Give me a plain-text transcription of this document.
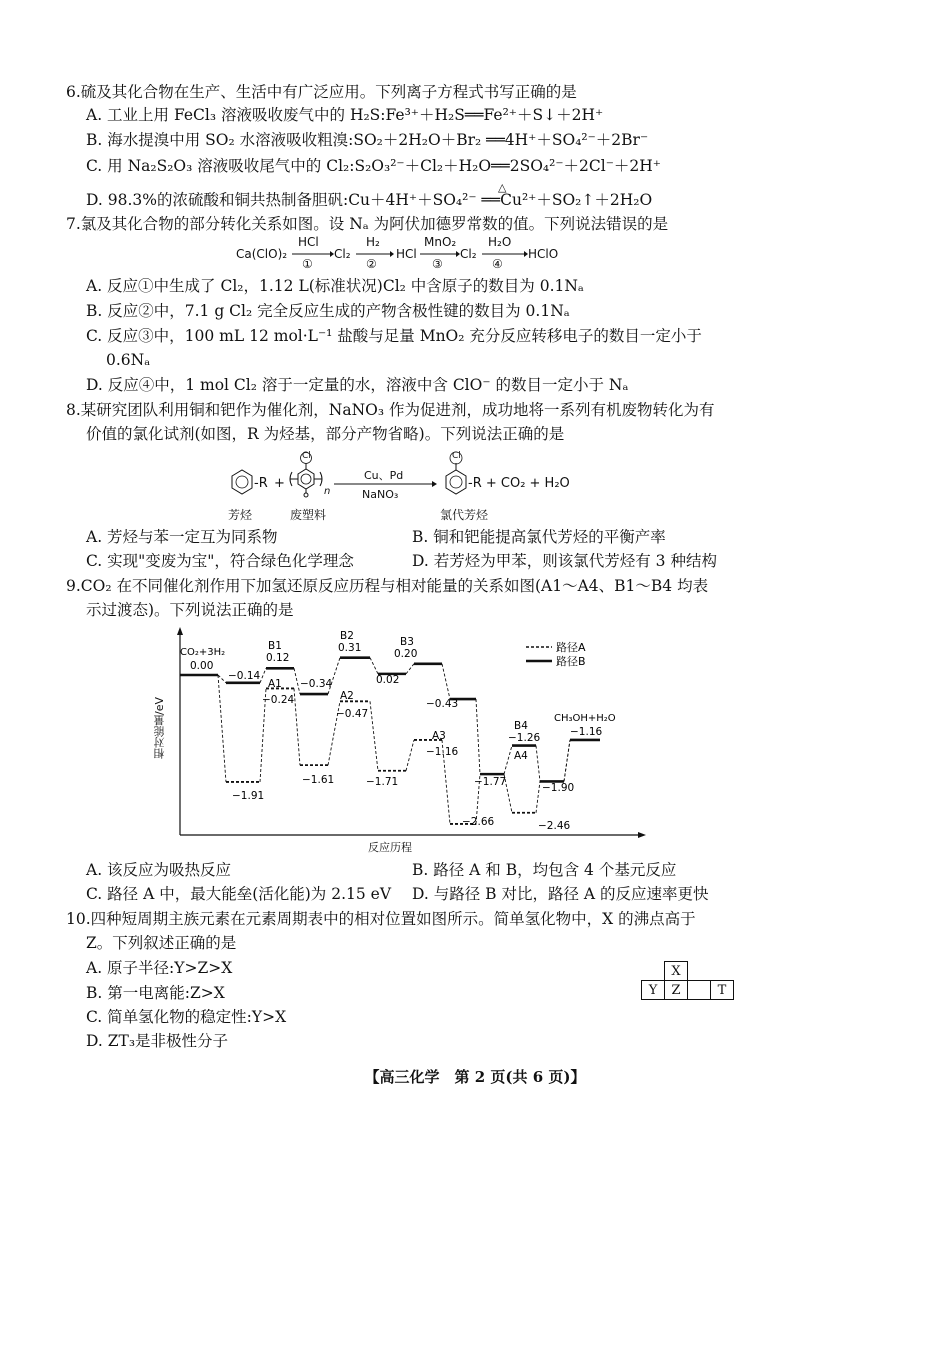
6.硫及其化合物在生产、生活中有广泛应用。下列离子方程式书写正确的是
A. 工业上用 FeCl₃ 溶液吸收废气中的 H₂S:Fe³⁺＋H₂S══Fe²⁺＋S↓＋2H⁺
B. 海水提溴中用 SO₂ 水溶液吸收粗溴:SO₂＋2H₂O＋Br₂ ══4H⁺＋SO₄²⁻＋2Br⁻
C. 用 Na₂S₂O₃ 溶液吸收尾气中的 Cl₂:S₂O₃²⁻＋Cl₂＋H₂O══2SO₄²⁻＋2Cl⁻＋2H⁺
△
D. 98.3%的浓硫酸和铜共热制备胆矾:Cu＋4H⁺＋SO₄²⁻ ══Cu²⁺＋SO₂↑＋2H₂O
7.氯及其化合物的部分转化关系如图。设 Nₐ 为阿伏加德罗常数的值。下列说法错误的是
Ca(ClO)₂
HCl
①
Cl₂
H₂
②
HCl
MnO₂
③
Cl₂
H₂O
④
HClO
A. 反应①中生成了 Cl₂，1.12 L(标准状况)Cl₂ 中含原子的数目为 0.1Nₐ
B. 反应②中，7.1 g Cl₂ 完全反应生成的产物含极性键的数目为 0.1Nₐ
C. 反应③中，100 mL 12 mol·L⁻¹ 盐酸与足量 MnO₂ 充分反应转移电子的数目一定小于
0.6Nₐ
D. 反应④中，1 mol Cl₂ 溶于一定量的水，溶液中含 ClO⁻ 的数目一定小于 Nₐ
8.某研究团队利用铜和钯作为催化剂，NaNO₃ 作为促进剂，成功地将一系列有机废物转化为有
价值的氯化试剂(如图，R 为烃基，部分产物省略)。下列说法正确的是
-R +
Cl
n
Cu、Pd
NaNO₃
Cl
-R + CO₂ + H₂O
芳烃	废塑料	氯代芳烃
A. 芳烃与苯一定互为同系物	B. 铜和钯能提高氯代芳烃的平衡产率
C. 实现"变废为宝"，符合绿色化学理念	D. 若芳烃为甲苯，则该氯代芳烃有 3 种结构
9.CO₂ 在不同催化剂作用下加氢还原反应历程与相对能量的关系如图(A1～A4、B1～B4 均表
示过渡态)。下列说法正确的是
CO₂+3H₂
0.00
−0.14
B1
0.12
−0.34
B2
0.31
0.02
B3
0.20
−0.43
−1.91
A1
−0.24
−1.61
A2
−0.47
−1.71
A3
−1.16
−2.66
−1.77
B4
−1.26
A4
−1.90
−2.46
CH₃OH+H₂O
−1.16
路径A
路径B
相对能量/eV
反应历程
A. 该反应为吸热反应	B. 路径 A 和 B，均包含 4 个基元反应
C. 路径 A 中，最大能垒(活化能)为 2.15 eV D. 与路径 B 对比，路径 A 的反应速率更快
10.四种短周期主族元素在元素周期表中的相对位置如图所示。简单氢化物中，X 的沸点高于
Z。下列叙述正确的是
A. 原子半径:Y>Z>X
B. 第一电离能:Z>X
C. 简单氢化物的稳定性:Y>X
D. ZT₃是非极性分子
	X		
Y	Z		T
【高三化学　第 2 页(共 6 页)】
